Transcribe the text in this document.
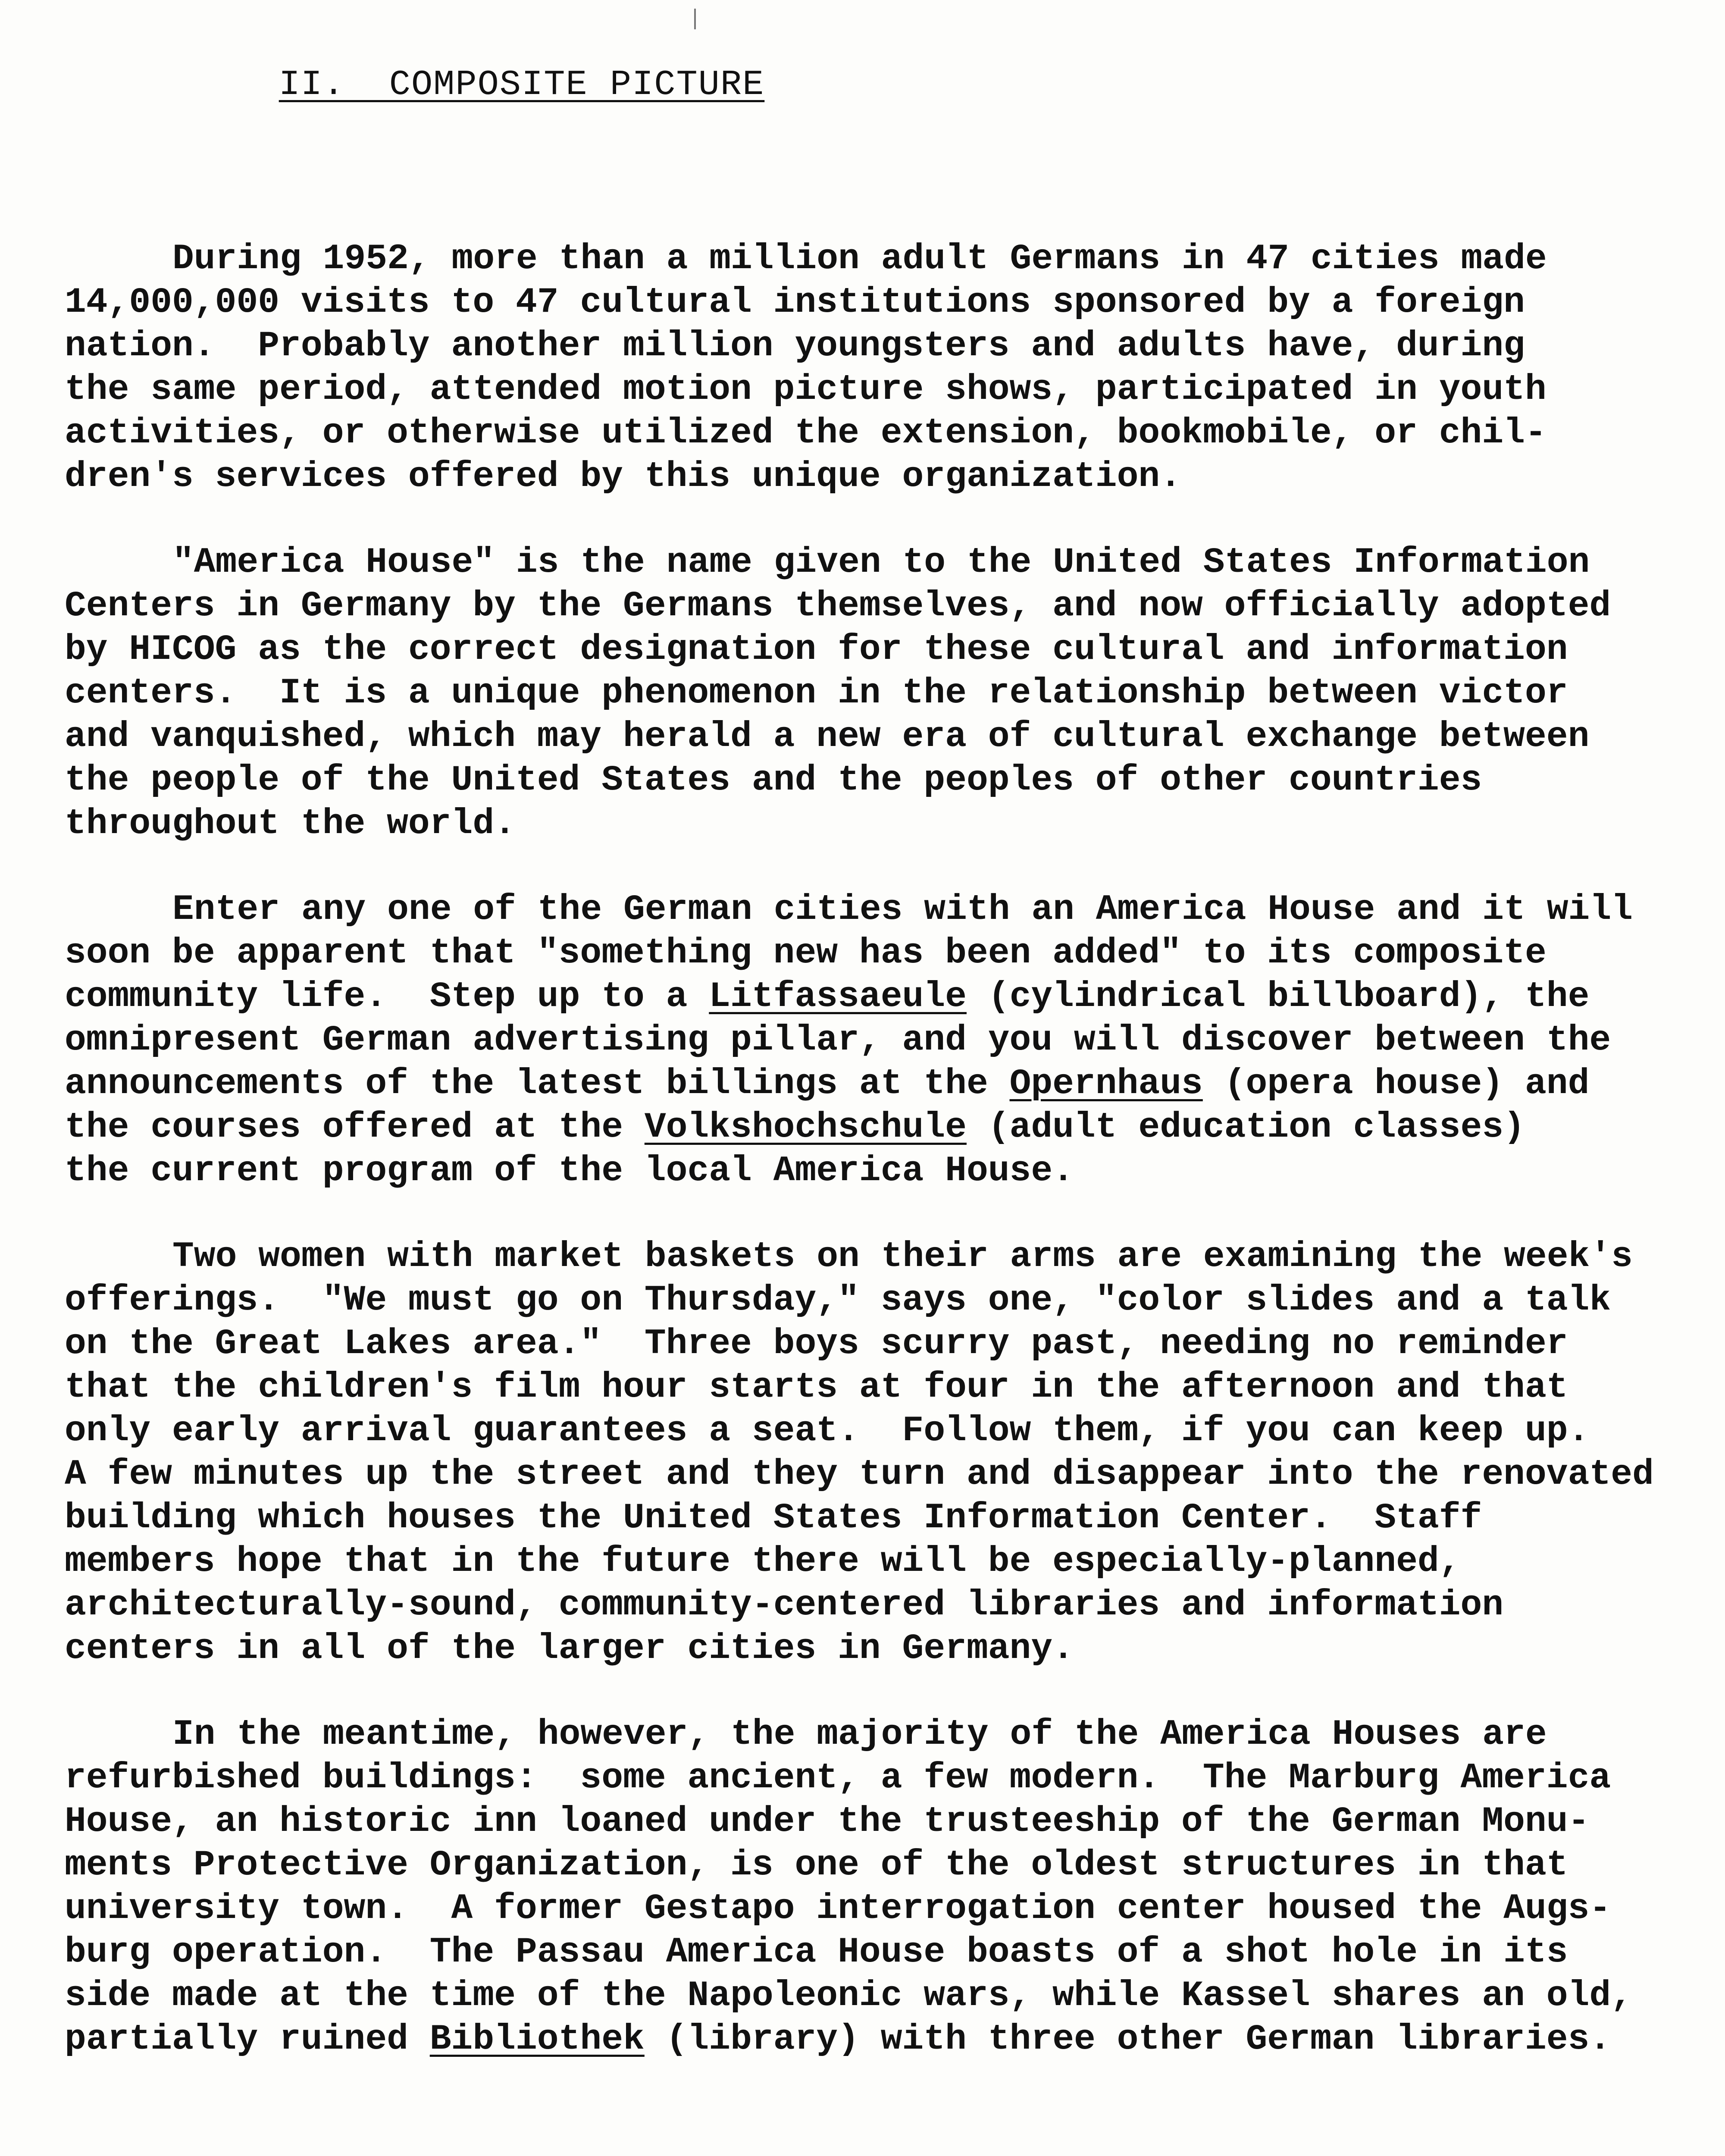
II.  COMPOSITE PICTURE
During 1952, more than a million adult Germans in 47 cities made
14,000,000 visits to 47 cultural institutions sponsored by a foreign
nation.  Probably another million youngsters and adults have, during
the same period, attended motion picture shows, participated in youth
activities, or otherwise utilized the extension, bookmobile, or chil-
dren's services offered by this unique organization.
"America House" is the name given to the United States Information
Centers in Germany by the Germans themselves, and now officially adopted
by HICOG as the correct designation for these cultural and information
centers.  It is a unique phenomenon in the relationship between victor
and vanquished, which may herald a new era of cultural exchange between
the people of the United States and the peoples of other countries
throughout the world.
Enter any one of the German cities with an America House and it will
soon be apparent that "something new has been added" to its composite
community life.  Step up to a Litfassaeule (cylindrical billboard), the
omnipresent German advertising pillar, and you will discover between the
announcements of the latest billings at the Opernhaus (opera house) and
the courses offered at the Volkshochschule (adult education classes)
the current program of the local America House.
Two women with market baskets on their arms are examining the week's
offerings.  "We must go on Thursday," says one, "color slides and a talk
on the Great Lakes area."  Three boys scurry past, needing no reminder
that the children's film hour starts at four in the afternoon and that
only early arrival guarantees a seat.  Follow them, if you can keep up.
A few minutes up the street and they turn and disappear into the renovated
building which houses the United States Information Center.  Staff
members hope that in the future there will be especially-planned,
architecturally-sound, community-centered libraries and information
centers in all of the larger cities in Germany.
In the meantime, however, the majority of the America Houses are
refurbished buildings:  some ancient, a few modern.  The Marburg America
House, an historic inn loaned under the trusteeship of the German Monu-
ments Protective Organization, is one of the oldest structures in that
university town.  A former Gestapo interrogation center housed the Augs-
burg operation.  The Passau America House boasts of a shot hole in its
side made at the time of the Napoleonic wars, while Kassel shares an old,
partially ruined Bibliothek (library) with three other German libraries.
